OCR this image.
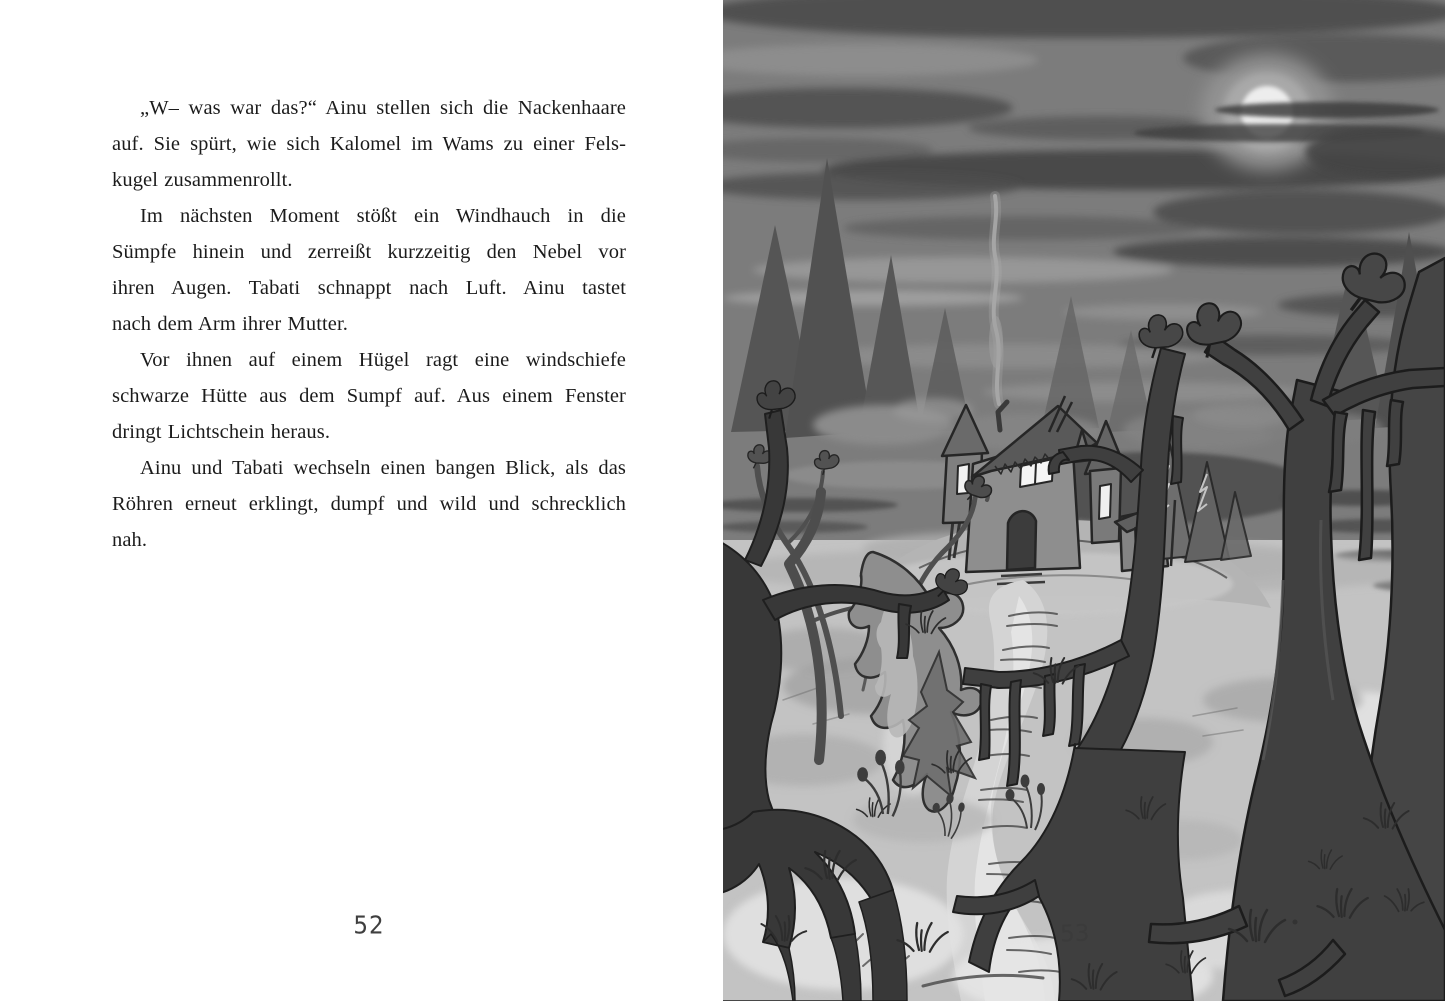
„W– was war das?“ Ainu stellen sich die Nackenhaare
auf. Sie spürt, wie sich Kalomel im Wams zu einer Fels-
kugel zusammenrollt.

Im nächsten Moment stößt ein Windhauch in die
Sümpfe hinein und zerreißt kurzzeitig den Nebel vor
ihren Augen. Tabati schnappt nach Luft. Ainu tastet
nach dem Arm ihrer Mutter.

Vor ihnen auf einem Hügel ragt eine windschiefe
schwarze Hütte aus dem Sumpf auf. Aus einem Fenster
dringt Lichtschein heraus.

Ainu und Tabati wechseln einen bangen Blick, als das
Röhren erneut erklingt, dumpf und wild und schrecklich
nah.

52	53
